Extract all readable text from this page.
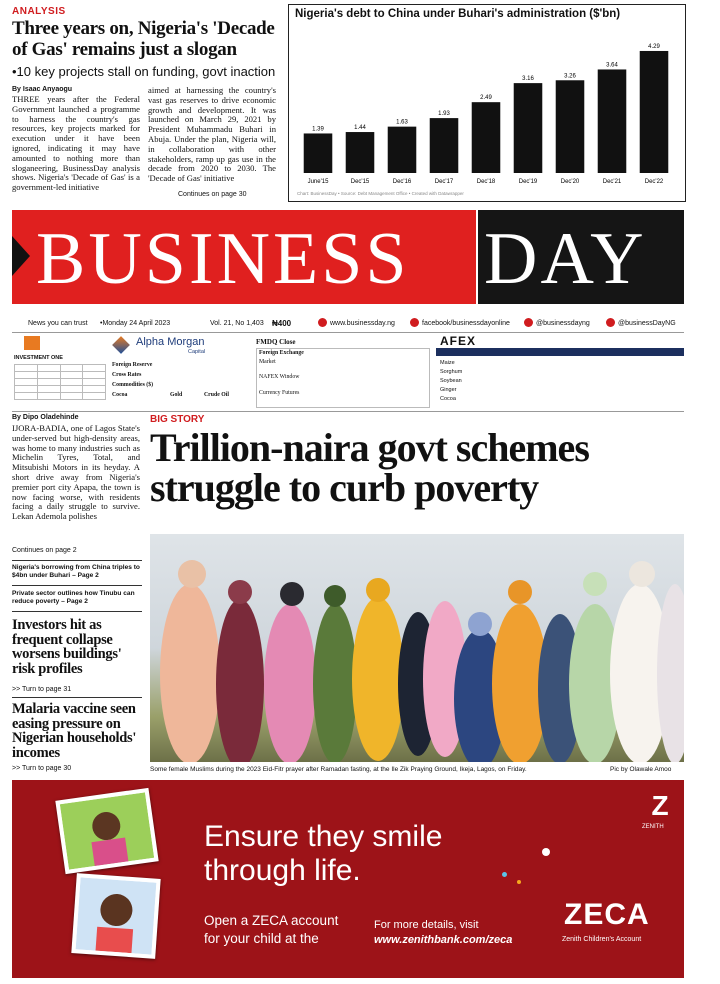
ANALYSIS
Three years on, Nigeria's 'Decade of Gas' remains just a slogan
•10 key projects stall on funding, govt inaction
By Isaac Anyaogu
THREE years after the Federal Government launched a programme to harness the country's gas resources, key projects marked for execution under it have been ignored, indicating it may have amounted to nothing more than sloganeering, BusinessDay analysis shows. Nigeria's 'Decade of Gas' is a government-led initiative
aimed at harnessing the country's vast gas reserves to drive economic growth and development. It was launched on March 29, 2021 by President Muhammadu Buhari in Abuja. Under the plan, Nigeria will, in collaboration with other stakeholders, ramp up gas use in the decade from 2020 to 2030. The 'Decade of Gas' initiative
Continues on page 30
Nigeria's debt to China under Buhari's administration ($'bn)
1.39
June'15
1.44
Dec'15
1.63
Dec'16
1.93
Dec'17
2.49
Dec'18
3.16
Dec'19
3.26
Dec'20
3.64
Dec'21
4.29
Dec'22
Chart: BusinessDay • Source: Debt Management Office • Created with Datawrapper
BUSINESS DAY
News you can trust •Monday 24 April 2023	Vol. 21, No 1,403 ₦400	www.businessday.ng	facebook/businessdayonline	@businessdayng	@businessDayNG
INVESTMENT ONE

Alpha Morgan
Capital
Foreign Reserve
Cross Rates
Commodities ($)
Cocoa	Gold	Crude Oil
FMDQ Close
Foreign Exchange
Market
NAFEX Window
Currency Futures
AFEX
Maize
Sorghum
Soybean
Ginger
Cocoa
By Dipo Oladehinde
IJORA-BADIA, one of Lagos State's under-served but high-density areas, was home to many industries such as Michelin Tyres, Total, and Mitsubishi Motors in its heyday. A short drive away from Nigeria's premier port city Apapa, the town is now facing worse, with residents facing a daily struggle to survive. Lekan Ademola polishes
Continues on page 2
Nigeria's borrowing from China triples to $4bn under Buhari – Page 2
Private sector outlines how Tinubu can reduce poverty – Page 2
Investors hit as frequent collapse worsens buildings' risk profiles
>> Turn to page 31
Malaria vaccine seen easing pressure on Nigerian households' incomes
>> Turn to page 30
BIG STORY
Trillion-naira govt schemes struggle to curb poverty
Some female Muslims during the 2023 Eid-Fitr prayer after Ramadan fasting, at the Ile Zik Praying Ground, Ikeja, Lagos, on Friday.	Pic by Olawale Amoo
Ensure they smile
through life.
Open a ZECA account
for your child at the
For more details, visit
www.zenithbank.com/zeca
Z
ZENITH
ZECA
Zenith Children's Account
